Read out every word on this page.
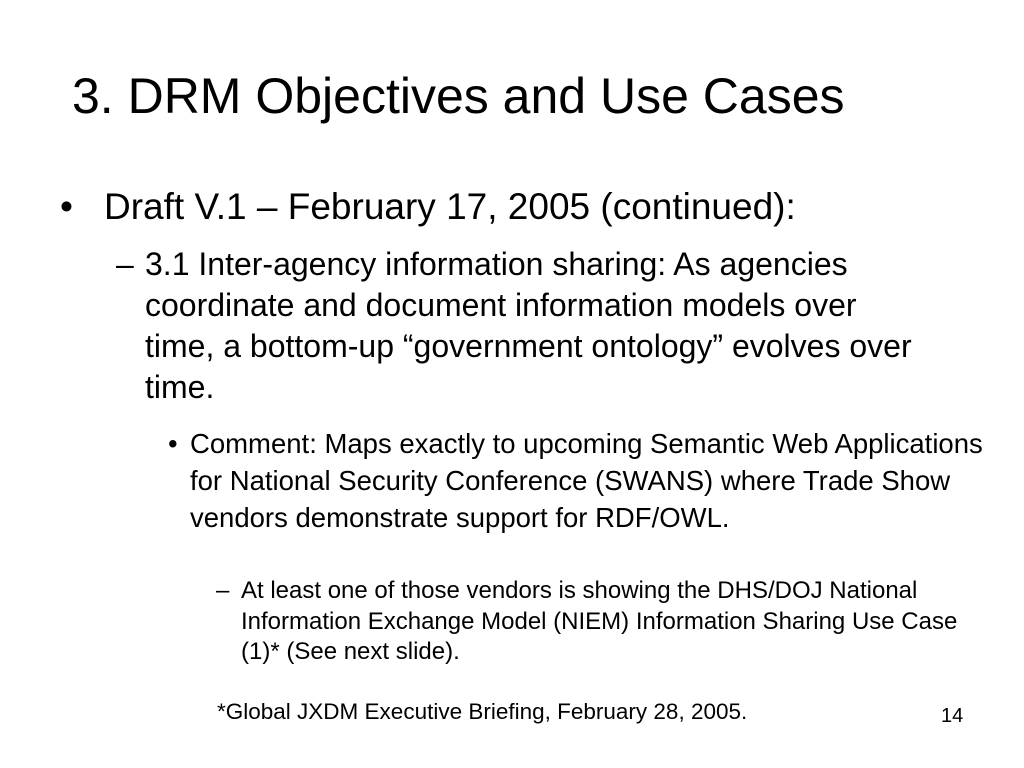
3. DRM Objectives and Use Cases
• Draft V.1 – February 17, 2005 (continued):
– 3.1 Inter-agency information sharing: As agencies coordinate and document information models over time, a bottom-up “government ontology” evolves over time.
• Comment: Maps exactly to upcoming Semantic Web Applications for National Security Conference (SWANS) where Trade Show vendors demonstrate support for RDF/OWL.
– At least one of those vendors is showing the DHS/DOJ National Information Exchange Model (NIEM) Information Sharing Use Case (1)* (See next slide).
*Global JXDM Executive Briefing, February 28, 2005.	14
